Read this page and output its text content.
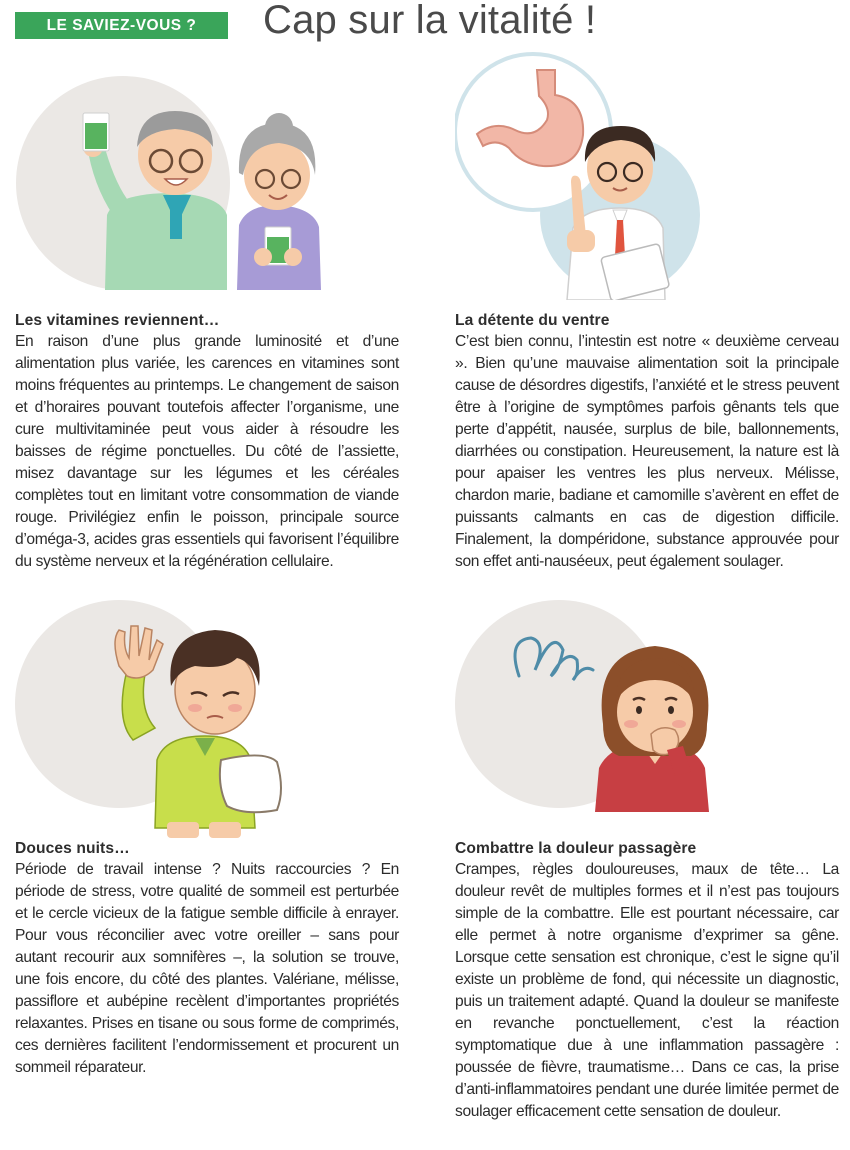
LE SAVIEZ-VOUS ?	Cap sur la vitalité !
Les vitamines reviennent…

En raison d’une plus grande luminosité et d’une alimentation plus variée, les carences en vitamines sont moins fréquentes au printemps. Le changement de saison et d’horaires pouvant toutefois affecter l’organisme, une cure multivitaminée peut vous aider à résoudre les baisses de régime ponctuelles. Du côté de l’assiette, misez davantage sur les légumes et les céréales complètes tout en limitant votre consommation de viande rouge. Privilégiez enfin le poisson, principale source d’oméga-3, acides gras essentiels qui favorisent l’équilibre du système nerveux et la régénération cellulaire.

La détente du ventre

C’est bien connu, l’intestin est notre « deuxième cerveau ». Bien qu’une mauvaise alimentation soit la principale cause de désordres digestifs, l’anxiété et le stress peuvent être à l’origine de symptômes parfois gênants tels que perte d’appétit, nausée, surplus de bile, ballonnements, diarrhées ou constipation. Heureusement, la nature est là pour apaiser les ventres les plus nerveux. Mélisse, chardon marie, badiane et camomille s’avèrent en effet de puissants calmants en cas de digestion difficile. Finalement, la dompéridone, substance approuvée pour son effet anti-nauséeux, peut également soulager.

Douces nuits…

Période de travail intense ? Nuits raccourcies ? En période de stress, votre qualité de sommeil est perturbée et le cercle vicieux de la fatigue semble difficile à enrayer. Pour vous réconcilier avec votre oreiller – sans pour autant recourir aux somnifères –, la solution se trouve, une fois encore, du côté des plantes. Valériane, mélisse, passiflore et aubépine recèlent d’importantes propriétés relaxantes. Prises en tisane ou sous forme de comprimés, ces dernières facilitent l’endormissement et procurent un sommeil réparateur.

Combattre la douleur passagère

Crampes, règles douloureuses, maux de tête… La douleur revêt de multiples formes et il n’est pas toujours simple de la combattre. Elle est pourtant nécessaire, car elle permet à notre organisme d’exprimer sa gêne. Lorsque cette sensation est chronique, c’est le signe qu’il existe un problème de fond, qui nécessite un diagnostic, puis un traitement adapté. Quand la douleur se manifeste en revanche ponctuellement, c’est la réaction symptomatique due à une inflammation passagère : poussée de fièvre, traumatisme… Dans ce cas, la prise d’anti-inflammatoires pendant une durée limitée permet de soulager efficacement cette sensation de douleur.
